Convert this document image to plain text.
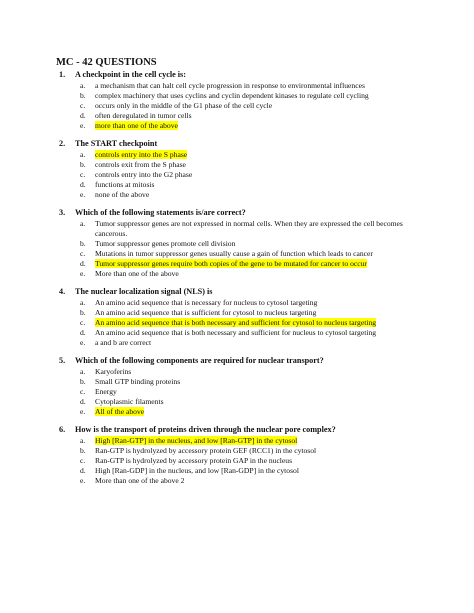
MC - 42 QUESTIONS
1.	A checkpoint in the cell cycle is:
a.	a mechanism that can halt cell cycle progression in response to environmental influences
b.	complex machinery that uses cyclins and cyclin dependent kinases to regulate cell cycling
c.	occurs only in the middle of the G1 phase of the cell cycle
d.	often deregulated in tumor cells
e.	more than one of the above
2.	The START checkpoint
a.	controls entry into the S phase
b.	controls exit from the S phase
c.	controls entry into the G2 phase
d.	functions at mitosis
e.	none of the above
3.	Which of the following statements is/are correct?
a.	Tumor suppressor genes are not expressed in normal cells. When they are expressed the cell becomes cancerous.
b.	Tumor suppressor genes promote cell division
c.	Mutations in tumor suppressor genes usually cause a gain of function which leads to cancer
d.	Tumor suppressor genes require both copies of the gene to be mutated for cancer to occur
e.	More than one of the above
4.	The nuclear localization signal (NLS) is
a.	An amino acid sequence that is necessary for nucleus to cytosol targeting
b.	An amino acid sequence that is sufficient for cytosol to nucleus targeting
c.	An amino acid sequence that is both necessary and sufficient for cytosol to nucleus targeting
d.	An amino acid sequence that is both necessary and sufficient for nucleus to cytosol targeting
e.	a and b are correct
5.	Which of the following components are required for nuclear transport?
a.	Karyoferins
b.	Small GTP binding proteins
c.	Energy
d.	Cytoplasmic filaments
e.	All of the above
6.	How is the transport of proteins driven through the nuclear pore complex?
a.	High [Ran-GTP] in the nucleus, and low [Ran-GTP] in the cytosol
b.	Ran-GTP is hydrolyzed by accessory protein GEF (RCC1) in the cytosol
c.	Ran-GTP is hydrolyzed by accessory protein GAP in the nucleus
d.	High [Ran-GDP] in the nucleus, and low [Ran-GDP] in the cytosol
e.	More than one of the above 2
